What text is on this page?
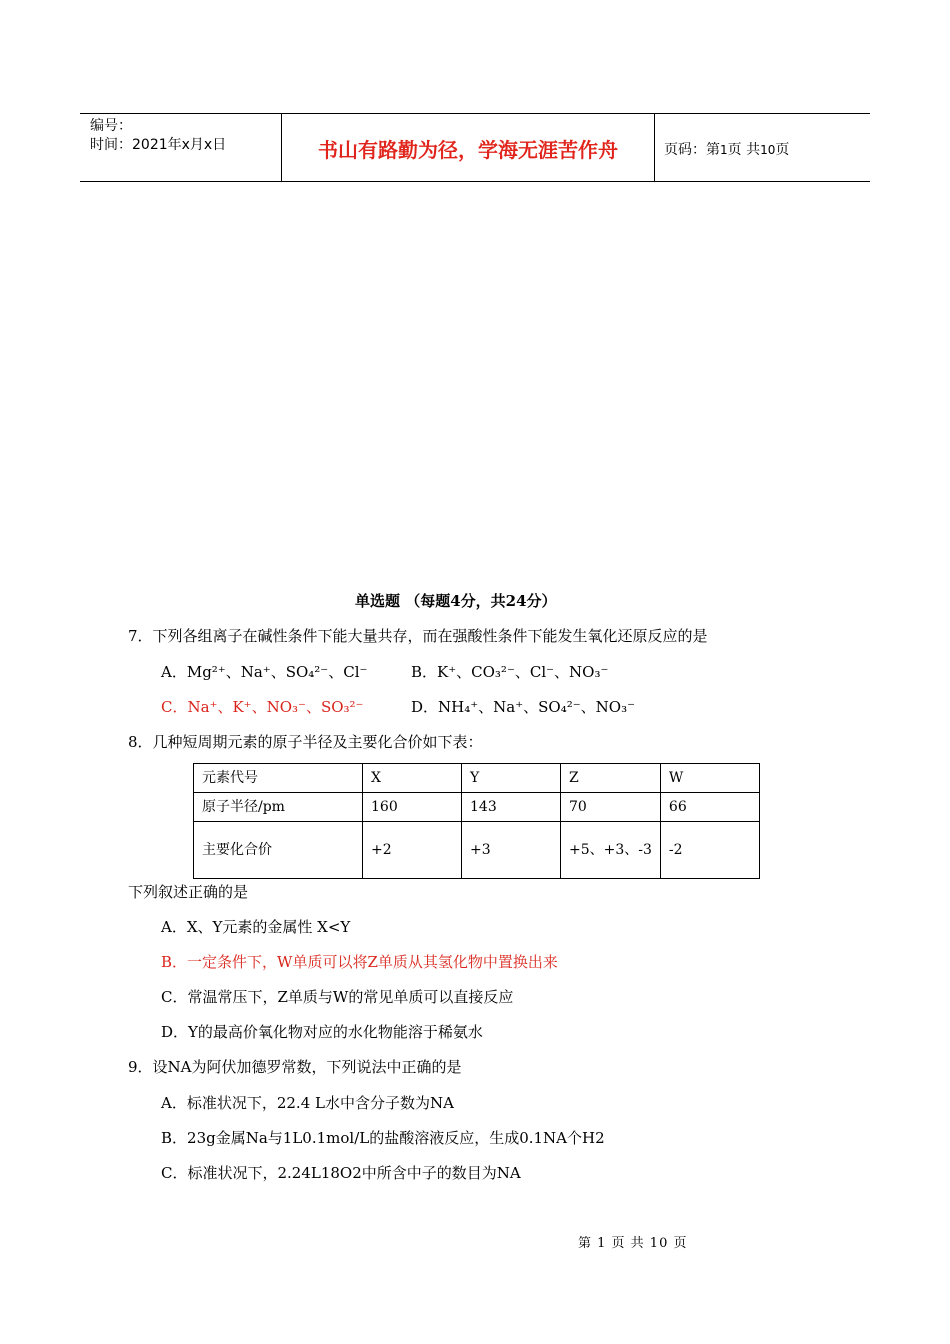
编号：
时间：2021年x月x日	书山有路勤为径，学海无涯苦作舟	页码：第1页 共10页
单选题 （每题4分，共24分）
7．下列各组离子在碱性条件下能大量共存，而在强酸性条件下能发生氧化还原反应的是
A．Mg²⁺、Na⁺、SO₄²⁻、Cl⁻	B．K⁺、CO₃²⁻、Cl⁻、NO₃⁻
C．Na⁺、K⁺、NO₃⁻、SO₃²⁻	D．NH₄⁺、Na⁺、SO₄²⁻、NO₃⁻
8．几种短周期元素的原子半径及主要化合价如下表：
元素代号	X	Y	Z	W
原子半径/pm	160	143	70	66
主要化合价	+2	+3	+5、+3、-3	-2
下列叙述正确的是
A．X、Y元素的金属性 X<Y
B．一定条件下，W单质可以将Z单质从其氢化物中置换出来
C．常温常压下，Z单质与W的常见单质可以直接反应
D．Y的最高价氧化物对应的水化物能溶于稀氨水
9．设NA为阿伏加德罗常数，下列说法中正确的是
A．标准状况下，22.4 L水中含分子数为NA
B．23g金属Na与1L0.1mol/L的盐酸溶液反应，生成0.1NA个H2
C．标准状况下，2.24L18O2中所含中子的数目为NA
第 1 页 共 10 页
